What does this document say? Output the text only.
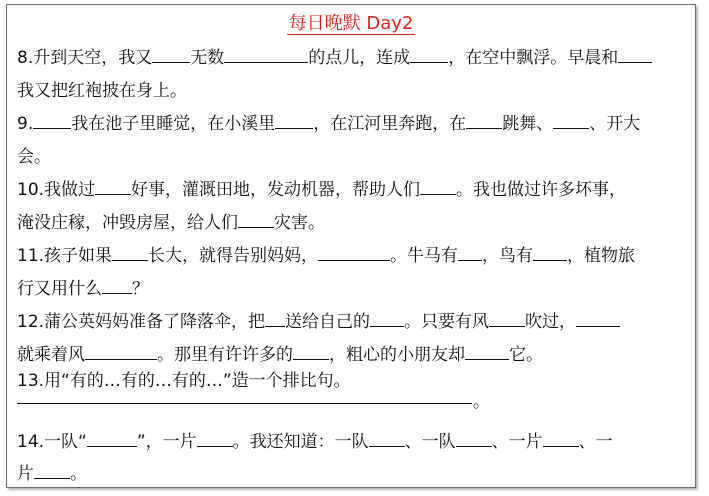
每日晚默 Day2
8.升到天空，我又 无数	的点儿，连成 ，在空中飘浮。早晨和
我又把红袍披在身上。
9. 我在池子里睡觉，在小溪里 ，在江河里奔跑，在 跳舞、 、开大
会。
10.我做过 好事，灌溉田地，发动机器，帮助人们 。我也做过许多坏事，
淹没庄稼，冲毁房屋，给人们 灾害。
11.孩子如果 长大，就得告别妈妈，	。牛马有 ，鸟有 ，植物旅
行又用什么 ？
12.蒲公英妈妈准备了降落伞，把 送给自己的 。只要有风 吹过，
就乘着风	。那里有许许多的 ，粗心的小朋友却	它。
13.用“有的…有的…有的…”造一个排比句。
。
14.一队“	”，一片 。我还知道：一队 、一队 、一片 、一
片 。
